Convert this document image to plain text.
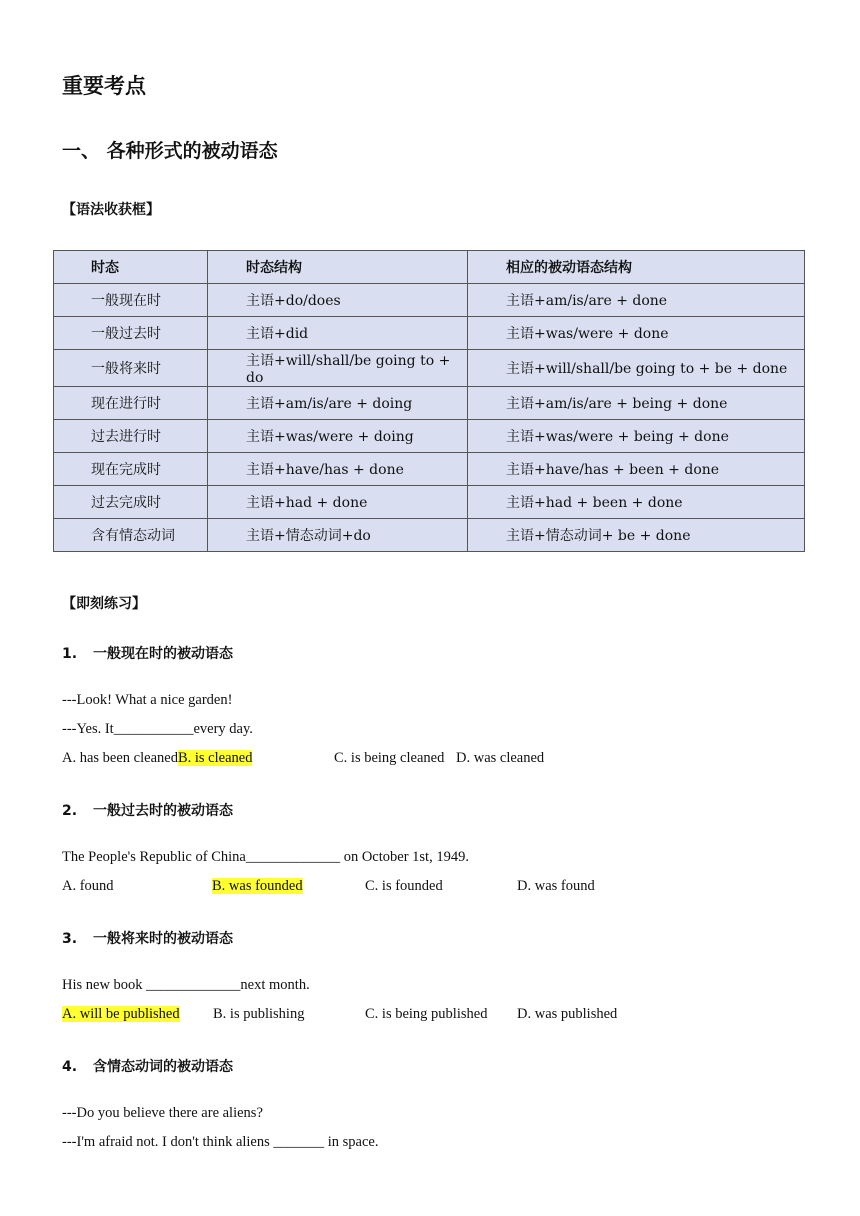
重要考点
一、 各种形式的被动语态
【语法收获框】
时态	时态结构	相应的被动语态结构
一般现在时	主语+do/does	主语+am/is/are + done
一般过去时	主语+did	主语+was/were + done
一般将来时	主语+will/shall/be going to + do	主语+will/shall/be going to + be + done
现在进行时	主语+am/is/are + doing	主语+am/is/are + being + done
过去进行时	主语+was/were + doing	主语+was/were + being + done
现在完成时	主语+have/has + done	主语+have/has + been + done
过去完成时	主语+had + done	主语+had + been + done
含有情态动词	主语+情态动词+do	主语+情态动词+ be + done
【即刻练习】
1. 一般现在时的被动语态
---Look! What a nice garden!
---Yes. It___________every day.
A. has been cleanedB. is cleaned	C. is being cleaned D. was cleaned
2. 一般过去时的被动语态
The People's Republic of China_____________ on October 1st, 1949.
A. found	B. was founded	C. is founded	D. was found
3. 一般将来时的被动语态
His new book _____________next month.
A. will be published B. is publishing	C. is being published D. was published
4. 含情态动词的被动语态
---Do you believe there are aliens?
---I'm afraid not. I don't think aliens _______ in space.
